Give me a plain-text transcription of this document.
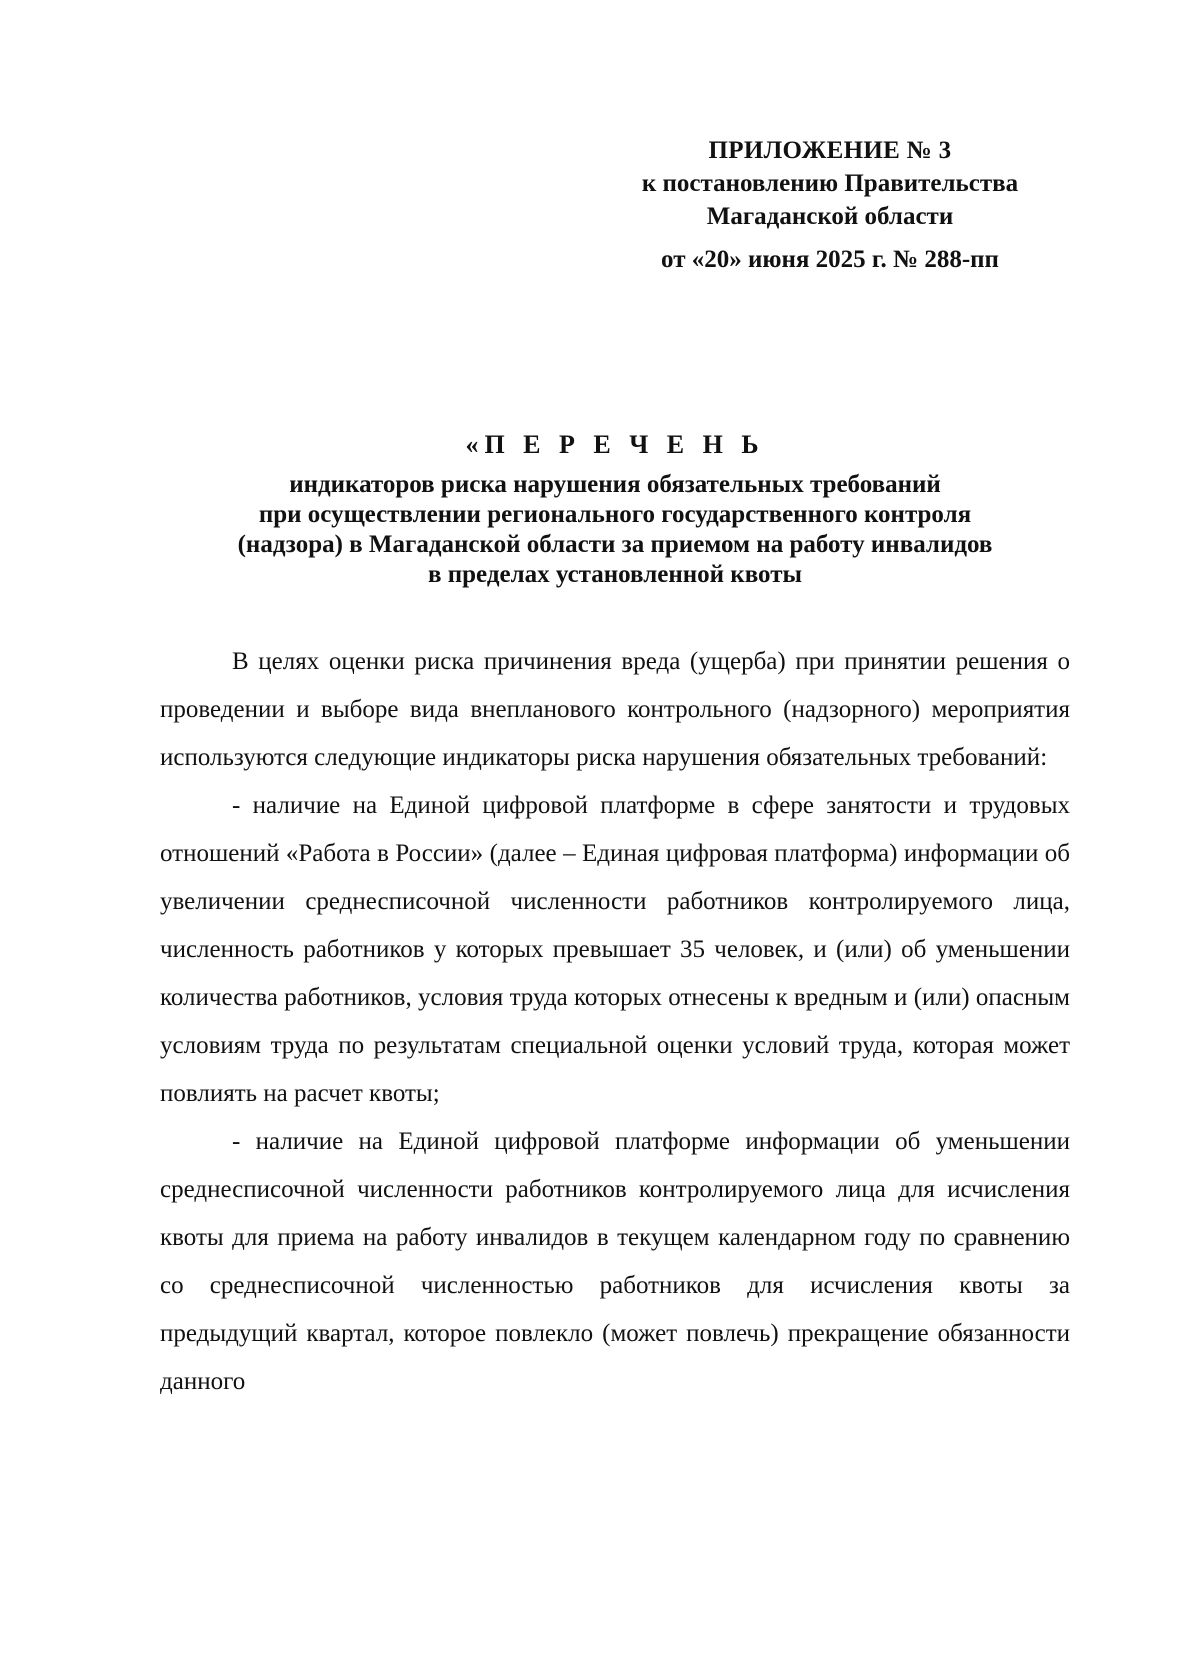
ПРИЛОЖЕНИЕ № 3
к постановлению Правительства
Магаданской области
от «20» июня 2025 г. № 288-пп
«П Е Р Е Ч Е Н Ь
индикаторов риска нарушения обязательных требований
при осуществлении регионального государственного контроля
(надзора) в Магаданской области за приемом на работу инвалидов
в пределах установленной квоты

В целях оценки риска причинения вреда (ущерба) при принятии решения о проведении и выборе вида внепланового контрольного (надзорного) мероприятия используются следующие индикаторы риска нарушения обязательных требований:

- наличие на Единой цифровой платформе в сфере занятости и трудовых отношений «Работа в России» (далее – Единая цифровая платформа) информации об увеличении среднесписочной численности работников контролируемого лица, численность работников у которых превышает 35 человек, и (или) об уменьшении количества работников, условия труда которых отнесены к вредным и (или) опасным условиям труда по результатам специальной оценки условий труда, которая может повлиять на расчет квоты;

- наличие на Единой цифровой платформе информации об уменьшении среднесписочной численности работников контролируемого лица для исчисления квоты для приема на работу инвалидов в текущем календарном году по сравнению со среднесписочной численностью работников для исчисления квоты за предыдущий квартал, которое повлекло (может повлечь) прекращение обязанности данного
